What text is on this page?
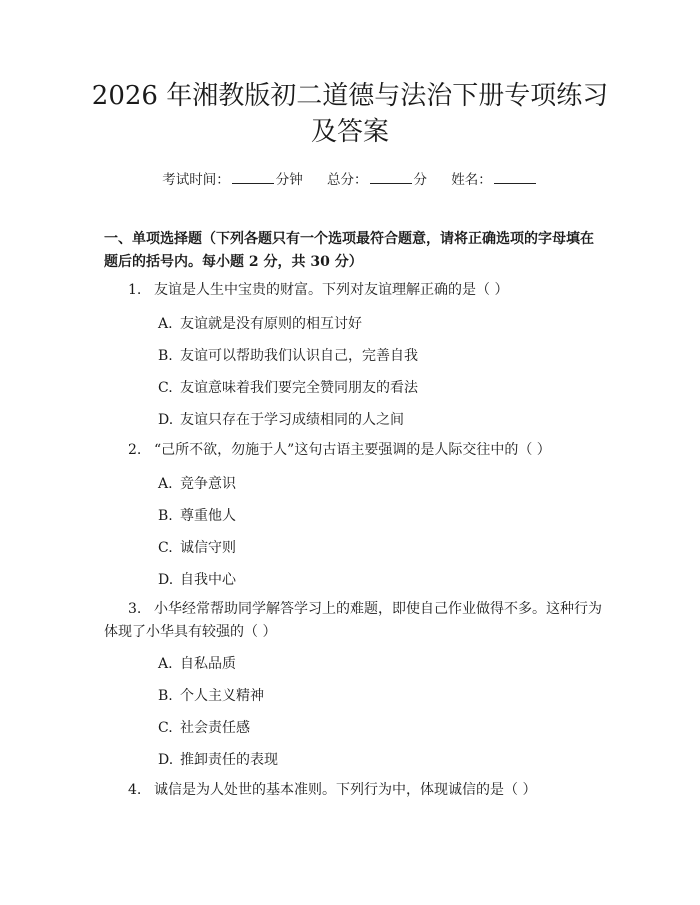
2026 年湘教版初二道德与法治下册专项练习
及答案
考试时间：	分钟 总分：	分 姓名：

一、单项选择题（下列各题只有一个选项最符合题意，请将正确选项的字母填在题后的括号内。每小题 2 分，共 30 分）

1. 友谊是人生中宝贵的财富。下列对友谊理解正确的是（ ）

A. 友谊就是没有原则的相互讨好

B. 友谊可以帮助我们认识自己，完善自我

C. 友谊意味着我们要完全赞同朋友的看法

D. 友谊只存在于学习成绩相同的人之间

2. “己所不欲，勿施于人”这句古语主要强调的是人际交往中的（ ）

A. 竞争意识

B. 尊重他人

C. 诚信守则

D. 自我中心

3. 小华经常帮助同学解答学习上的难题，即使自己作业做得不多。这种行为体现了小华具有较强的（ ）

A. 自私品质

B. 个人主义精神

C. 社会责任感

D. 推卸责任的表现

4. 诚信是为人处世的基本准则。下列行为中，体现诚信的是（ ）
